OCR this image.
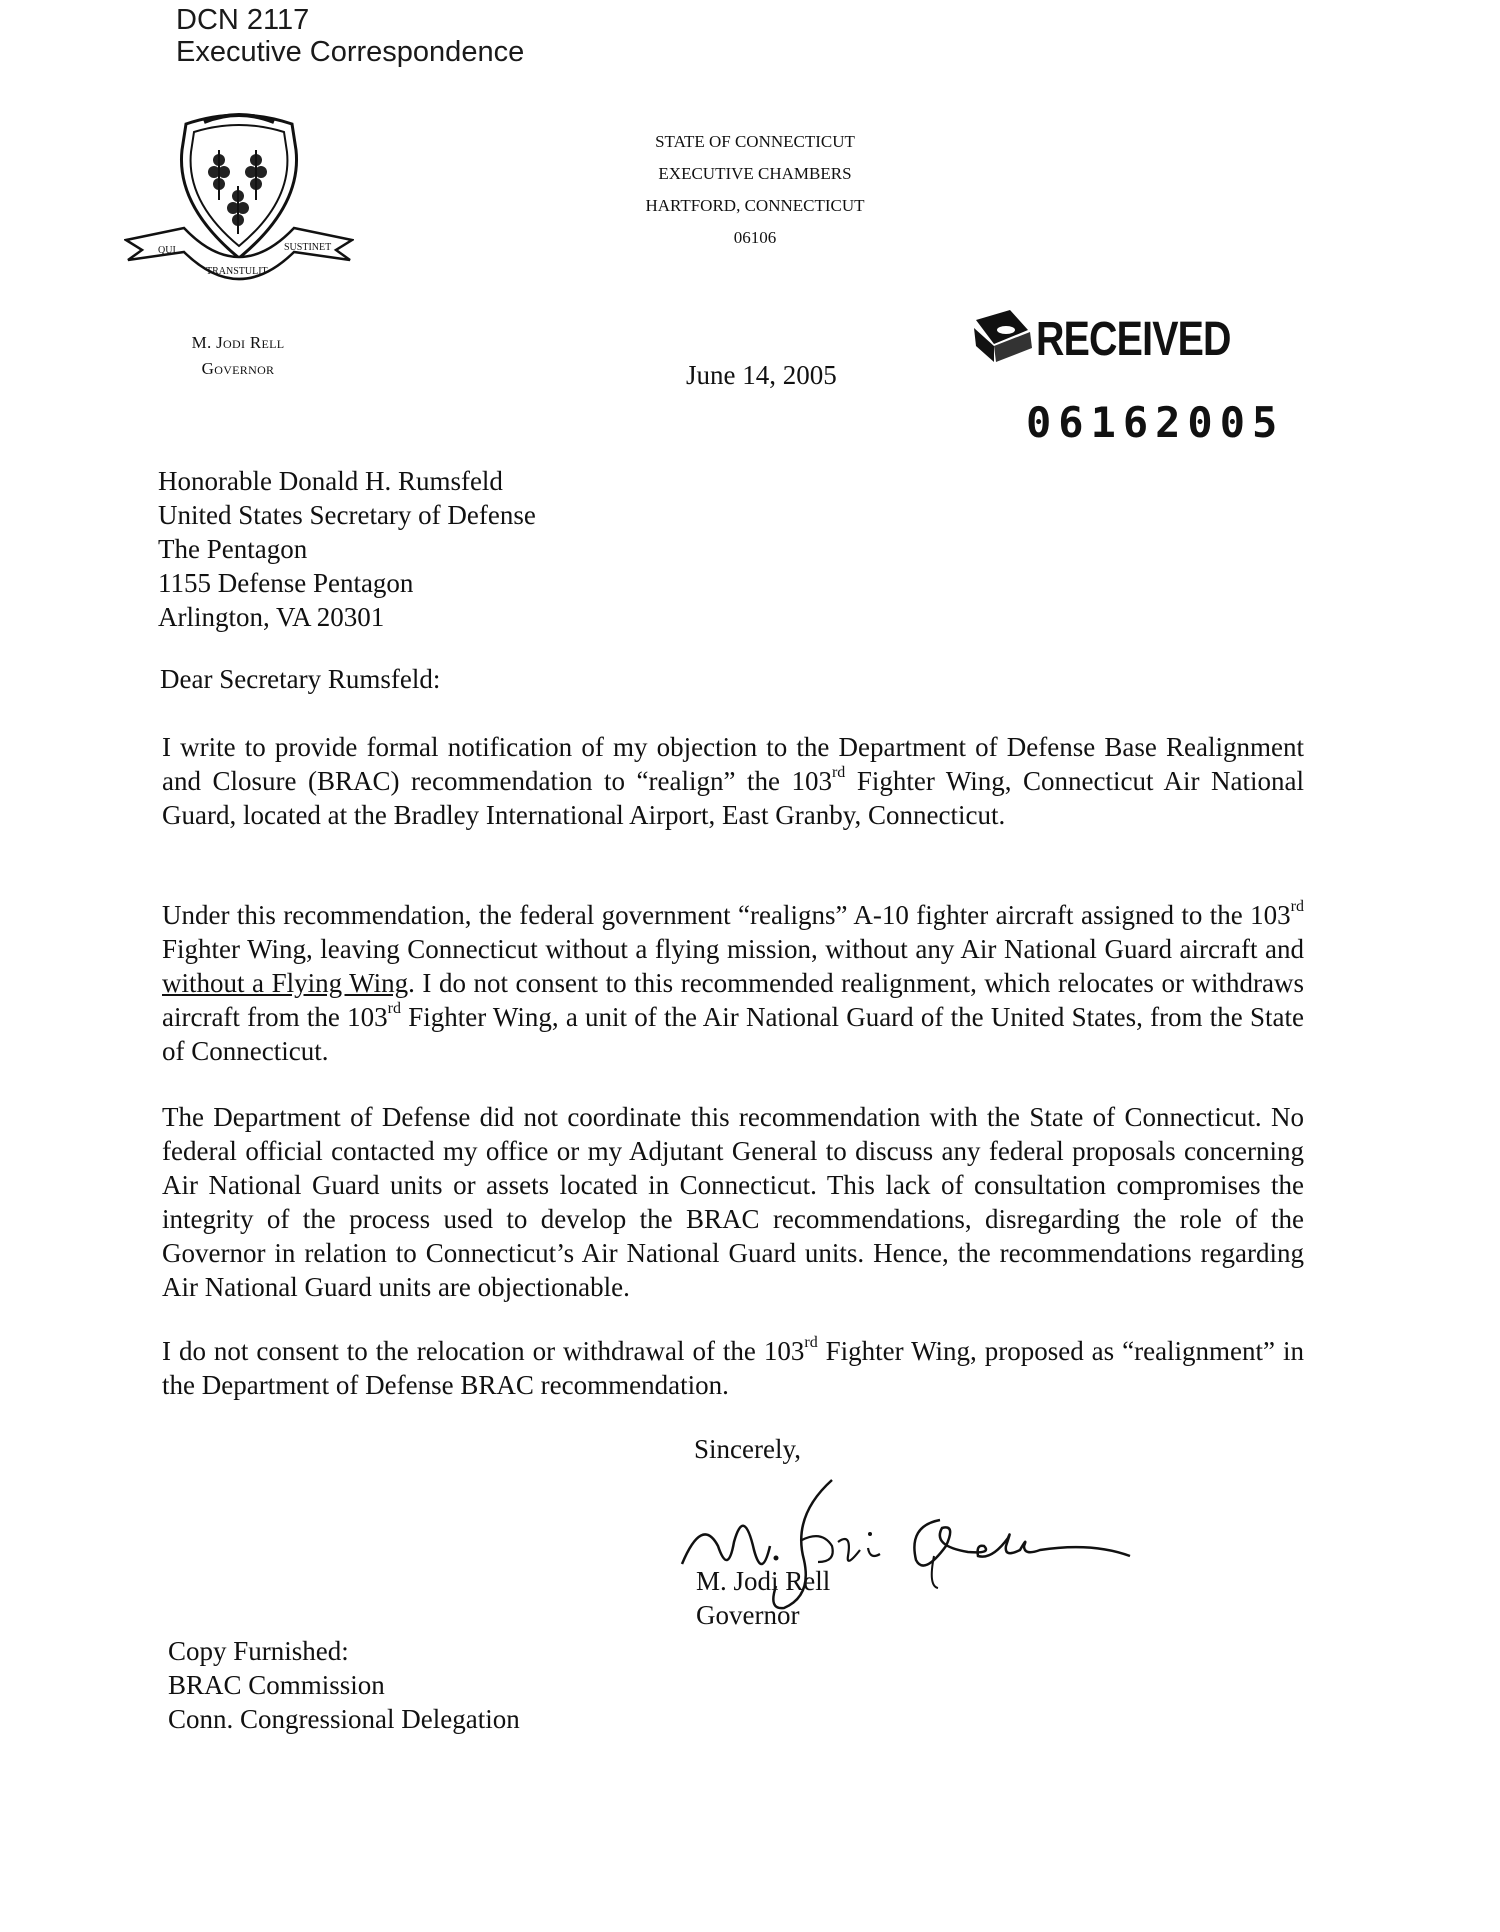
DCN 2117
Executive Correspondence
QUI
TRANSTULIT
SUSTINET
M. Jodi Rell
Governor
STATE OF CONNECTICUT
EXECUTIVE CHAMBERS
HARTFORD, CONNECTICUT
06106
June 14, 2005
RECEIVED
06162005
Honorable Donald H. Rumsfeld
United States Secretary of Defense
The Pentagon
1155 Defense Pentagon
Arlington, VA 20301
Dear Secretary Rumsfeld:
I write to provide formal notification of my objection to the Department of Defense Base Realignment and Closure (BRAC) recommendation to “realign” the 103rd Fighter Wing, Connecticut Air National Guard, located at the Bradley International Airport, East Granby, Connecticut.
Under this recommendation, the federal government “realigns” A-10 fighter aircraft assigned to the 103rd Fighter Wing, leaving Connecticut without a flying mission, without any Air National Guard aircraft and without a Flying Wing. I do not consent to this recommended realignment, which relocates or withdraws aircraft from the 103rd Fighter Wing, a unit of the Air National Guard of the United States, from the State of Connecticut.
The Department of Defense did not coordinate this recommendation with the State of Connecticut. No federal official contacted my office or my Adjutant General to discuss any federal proposals concerning Air National Guard units or assets located in Connecticut. This lack of consultation compromises the integrity of the process used to develop the BRAC recommendations, disregarding the role of the Governor in relation to Connecticut’s Air National Guard units. Hence, the recommendations regarding Air National Guard units are objectionable.
I do not consent to the relocation or withdrawal of the 103rd Fighter Wing, proposed as “realignment” in the Department of Defense BRAC recommendation.
Sincerely,
M. Jodi Rell
Governor
Copy Furnished:
BRAC Commission
Conn. Congressional Delegation
